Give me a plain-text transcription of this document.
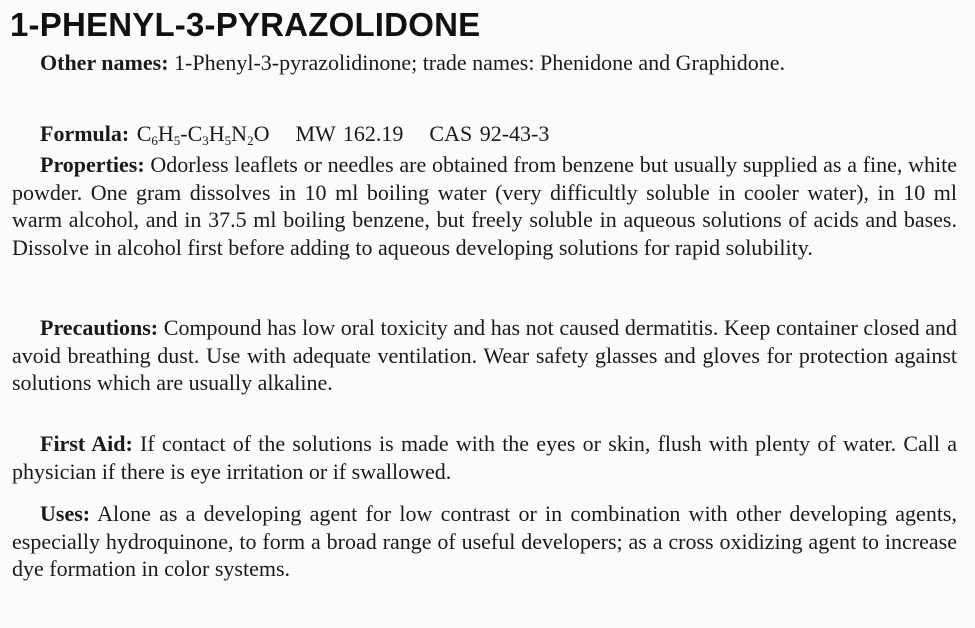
1-PHENYL-3-PYRAZOLIDONE

Other names: 1-Phenyl-3-pyrazolidinone; trade names: Phenidone and Graphidone.

Formula: $C_6H_5-C_3H_5N_2O$ MW 162.19 CAS 92-43-3

Properties: Odorless leaflets or needles are obtained from benzene but usually supplied as a fine, white powder. One gram dissolves in 10 ml boiling water (very difficultly soluble in cooler water), in 10 ml warm alcohol, and in 37.5 ml boiling benzene, but freely soluble in aqueous solutions of acids and bases. Dissolve in alcohol first before adding to aqueous developing solutions for rapid solubility.

Precautions: Compound has low oral toxicity and has not caused dermatitis. Keep container closed and avoid breathing dust. Use with adequate ventilation. Wear safety glasses and gloves for protection against solutions which are usually alkaline.

First Aid: If contact of the solutions is made with the eyes or skin, flush with plenty of water. Call a physician if there is eye irritation or if swallowed.

Uses: Alone as a developing agent for low contrast or in combination with other developing agents, especially hydroquinone, to form a broad range of useful developers; as a cross oxidizing agent to increase dye formation in color systems.
